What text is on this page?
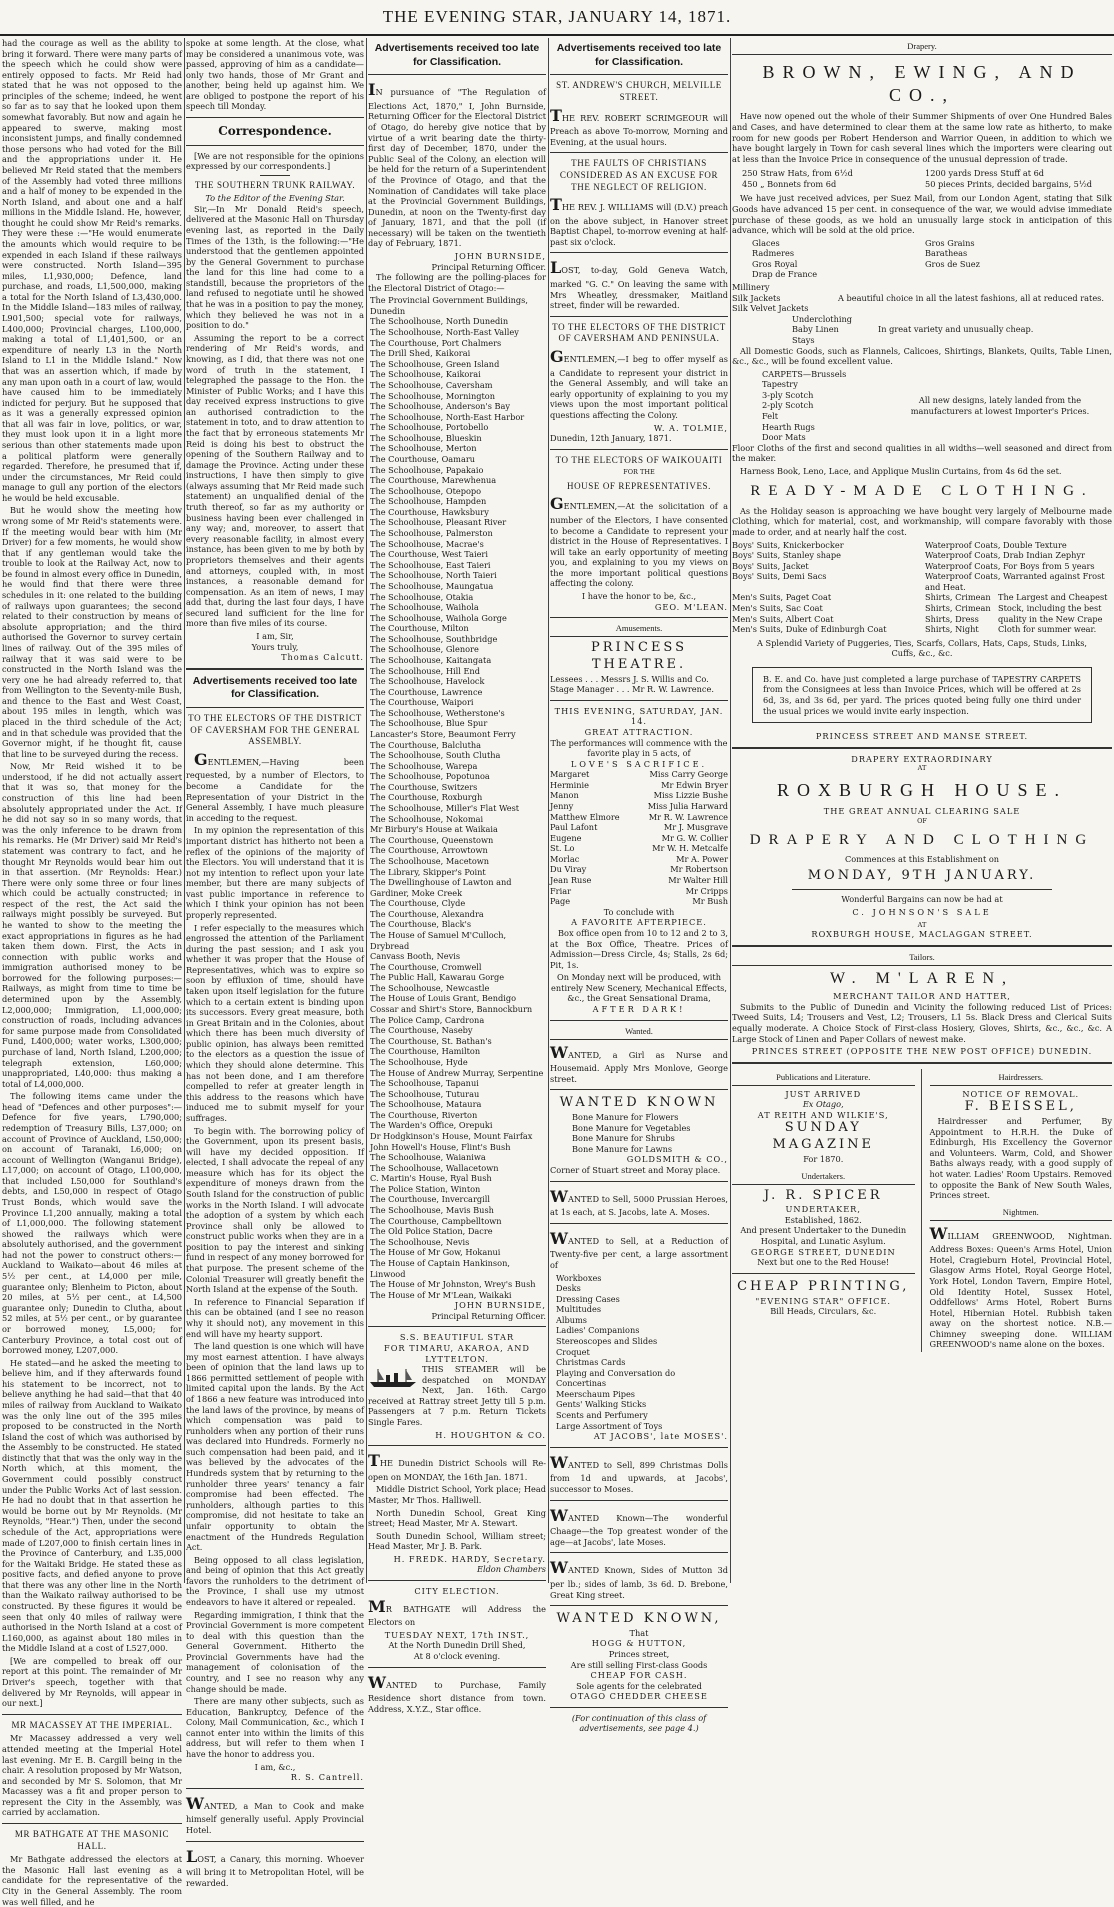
THE EVENING STAR, JANUARY 14, 1871.
had the courage as well as the ability to bring it forward. There were many parts of the speech which he could show were entirely opposed to facts. Mr Reid had stated that he was not opposed to the principles of the scheme; indeed, he went so far as to say that he looked upon them somewhat favorably. But now and again he appeared to swerve, making most inconsistent jumps, and finally condemned those persons who had voted for the Bill and the appropriations under it. He believed Mr Reid stated that the members of the Assembly had voted three millions and a half of money to be expended in the North Island, and about one and a half millions in the Middle Island. He, however, thought he could show Mr Reid's remarks. They were these :—"He would enumerate the amounts which would require to be expended in each Island if these railways were constructed. North Island—395 miles, L1,930,000; Defence, land purchase, and roads, L1,500,000, making a total for the North Island of L3,430,000. In the Middle Island—183 miles of railway, L901,500; special vote for railways, L400,000; Provincial charges, L100,000, making a total of L1,401,500, or an expenditure of nearly L3 in the North Island to L1 in the Middle Island." Now that was an assertion which, if made by any man upon oath in a court of law, would have caused him to be immediately indicted for perjury. But he supposed that as it was a generally expressed opinion that all was fair in love, politics, or war, they must look upon it in a light more serious than other statements made upon a political platform were generally regarded. Therefore, he presumed that if, under the circumstances, Mr Reid could manage to gull any portion of the electors he would be held excusable.
But he would show the meeting how wrong some of Mr Reid's statements were. If the meeting would bear with him (Mr Driver) for a few moments, he would show that if any gentleman would take the trouble to look at the Railway Act, now to be found in almost every office in Dunedin, he would find that there were three schedules in it: one related to the building of railways upon guarantees; the second related to their construction by means of absolute appropriation; and the third authorised the Governor to survey certain lines of railway. Out of the 395 miles of railway that it was said were to be constructed in the North Island was the very one he had already referred to, that from Wellington to the Seventy-mile Bush, and thence to the East and West Coast, about 195 miles in length, which was placed in the third schedule of the Act; and in that schedule was provided that the Governor might, if he thought fit, cause that line to be surveyed during the recess.
Now, Mr Reid wished it to be understood, if he did not actually assert that it was so, that money for the construction of this line had been absolutely appropriated under the Act. If he did not say so in so many words, that was the only inference to be drawn from his remarks. He (Mr Driver) said Mr Reid's statement was contrary to fact, and he thought Mr Reynolds would bear him out in that assertion. (Mr Reynolds: Hear.) There were only some three or four lines which could be actually constructed; in respect of the rest, the Act said the railways might possibly be surveyed. But he wanted to show to the meeting the exact appropriations in figures as he had taken them down. First, the Acts in connection with public works and immigration authorised money to be borrowed for the following purposes:—Railways, as might from time to time be determined upon by the Assembly, L2,000,000; Immigration, L1,000,000; construction of roads, including advances for same purpose made from Consolidated Fund, L400,000; water works, L300,000; purchase of land, North Island, L200,000; telegraph extension, L60,000; unappropriated, L40,000: thus making a total of L4,000,000.
The following items came under the head of "Defences and other purposes":—Defence for five years, L790,000; redemption of Treasury Bills, L37,000; on account of Province of Auckland, L50,000; on account of Taranaki, L6,000; on account of Wellington (Wanganui Bridge), L17,000; on account of Otago, L100,000, that included L50,000 for Southland's debts, and L50,000 in respect of Otago Trust Bonds, which would save the Province L1,200 annually, making a total of L1,000,000. The following statement showed the railways which were absolutely authorised, and the government had not the power to construct others:—Auckland to Waikato—about 46 miles at 5½ per cent., at L4,000 per mile, guarantee only; Blenheim to Picton, about 20 miles, at 5½ per cent., at L4,500 guarantee only; Dunedin to Clutha, about 52 miles, at 5½ per cent., or by guarantee or borrowed money, L5,000; for Canterbury Province, a total cost out of borrowed money, L207,000.
He stated—and he asked the meeting to believe him, and if they afterwards found his statement to be incorrect, not to believe anything he had said—that that 40 miles of railway from Auckland to Waikato was the only line out of the 395 miles proposed to be constructed in the North Island the cost of which was authorised by the Assembly to be constructed. He stated distinctly that that was the only way in the North which, at this moment, the Government could possibly construct under the Public Works Act of last session. He had no doubt that in that assertion he would be borne out by Mr Reynolds. (Mr Reynolds, "Hear.") Then, under the second schedule of the Act, appropriations were made of L207,000 to finish certain lines in the Province of Canterbury, and L35,000 for the Waitaki Bridge. He stated these as positive facts, and defied anyone to prove that there was any other line in the North than the Waikato railway authorised to be constructed. By these figures it would be seen that only 40 miles of railway were authorised in the North Island at a cost of L160,000, as against about 180 miles in the Middle Island at a cost of L527,000.
[We are compelled to break off our report at this point. The remainder of Mr Driver's speech, together with that delivered by Mr Reynolds, will appear in our next.]
MR MACASSEY AT THE IMPERIAL.
Mr Macassey addressed a very well attended meeting at the Imperial Hotel last evening. Mr E. B. Cargill being in the chair. A resolution proposed by Mr Watson, and seconded by Mr S. Solomon, that Mr Macassey was a fit and proper person to represent the City in the Assembly, was carried by acclamation.
MR BATHGATE AT THE MASONIC HALL.
Mr Bathgate addressed the electors at the Masonic Hall last evening as a candidate for the representative of the City in the General Assembly. The room was well filled, and he
spoke at some length. At the close, what may be considered a unanimous vote, was passed, approving of him as a candidate—only two hands, those of Mr Grant and another, being held up against him. We are obliged to postpone the report of his speech till Monday.
Correspondence.
[We are not responsible for the opinions expressed by our correspondents.]
THE SOUTHERN TRUNK RAILWAY.
To the Editor of the Evening Star.
Sir,—In Mr Donald Reid's speech, delivered at the Masonic Hall on Thursday evening last, as reported in the Daily Times of the 13th, is the following:—"He understood that the gentlemen appointed by the General Government to purchase the land for this line had come to a standstill, because the proprietors of the land refused to negotiate until he showed that he was in a position to pay the money, which they believed he was not in a position to do."
Assuming the report to be a correct rendering of Mr Reid's words, and knowing, as I did, that there was not one word of truth in the statement, I telegraphed the passage to the Hon. the Minister of Public Works; and I have this day received express instructions to give an authorised contradiction to the statement in toto, and to draw attention to the fact that by erroneous statements Mr Reid is doing his best to obstruct the opening of the Southern Railway and to damage the Province. Acting under these instructions, I have then simply to give (always assuming that Mr Reid made such statement) an unqualified denial of the truth thereof, so far as my authority or business having been ever challenged in any way; and, moreover, to assert that every reasonable facility, in almost every instance, has been given to me by both by proprietors themselves and their agents and attorneys, coupled with, in most instances, a reasonable demand for compensation. As an item of news, I may add that, during the last four days, I have secured land sufficient for the line for more than five miles of its course.
I am, Sir,
Yours truly,
Thomas Calcutt.
Advertisements received too late for Classification.
TO THE ELECTORS OF THE DISTRICT OF CAVERSHAM FOR THE GENERAL ASSEMBLY.
GENTLEMEN,—Having been requested, by a number of Electors, to become a Candidate for the Representation of your District in the General Assembly, I have much pleasure in acceding to the request.
In my opinion the representation of this important district has hitherto not been a reflex of the opinions of the majority of the Electors. You will understand that it is not my intention to reflect upon your late member, but there are many subjects of vast public importance in reference to which I think your opinion has not been properly represented.
I refer especially to the measures which engrossed the attention of the Parliament during the past session; and I ask you whether it was proper that the House of Representatives, which was to expire so soon by effluxion of time, should have taken upon itself legislation for the future which to a certain extent is binding upon its successors. Every great measure, both in Great Britain and in the Colonies, about which there has been much diversity of public opinion, has always been remitted to the electors as a question the issue of which they should alone determine. This has not been done, and I am therefore compelled to refer at greater length in this address to the reasons which have induced me to submit myself for your suffrages.
To begin with. The borrowing policy of the Government, upon its present basis, will have my decided opposition. If elected, I shall advocate the repeal of any measure which has for its object the expenditure of moneys drawn from the South Island for the construction of public works in the North Island. I will advocate the adoption of a system by which each Province shall only be allowed to construct public works when they are in a position to pay the interest and sinking fund in respect of any money borrowed for that purpose. The present scheme of the Colonial Treasurer will greatly benefit the North Island at the expense of the South.
In reference to Financial Separation if this can be obtained (and I see no reason why it should not), any movement in this end will have my hearty support.
The land question is one which will have my most earnest attention. I have always been of opinion that the land laws up to 1866 permitted settlement of people with limited capital upon the lands. By the Act of 1866 a new feature was introduced into the land laws of the province, by means of which compensation was paid to runholders when any portion of their runs was declared into Hundreds. Formerly no such compensation had been paid, and it was believed by the advocates of the Hundreds system that by returning to the runholder three years' tenancy a fair compromise had been effected. The runholders, although parties to this compromise, did not hesitate to take an unfair opportunity to obtain the enactment of the Hundreds Regulation Act.
Being opposed to all class legislation, and being of opinion that this Act greatly favors the runholders to the detriment of the Province, I shall use my utmost endeavors to have it altered or repealed.
Regarding immigration, I think that the Provincial Government is more competent to deal with this question than the General Government. Hitherto the Provincial Governments have had the management of colonisation of the country, and I see no reason why any change should be made.
There are many other subjects, such as Education, Bankruptcy, Defence of the Colony, Mail Communication, &c., which I cannot enter into within the limits of this address, but will refer to them when I have the honor to address you.
I am, &c.,
R. S. Cantrell.
WANTED, a Man to Cook and make himself generally useful. Apply Provincial Hotel.
LOST, a Canary, this morning. Whoever will bring it to Metropolitan Hotel, will be rewarded.
Advertisements received too late for Classification.
IN pursuance of "The Regulation of Elections Act, 1870," I, John Burnside, Returning Officer for the Electoral District of Otago, do hereby give notice that by virtue of a writ bearing date the thirty-first day of December, 1870, under the Public Seal of the Colony, an election will be held for the return of a Superintendent of the Province of Otago, and that the Nomination of Candidates will take place at the Provincial Government Buildings, Dunedin, at noon on the Twenty-first day of January, 1871, and that the poll (if necessary) will be taken on the twentieth day of February, 1871.
JOHN BURNSIDE,
Principal Returning Officer.
The following are the polling-places for the Electoral District of Otago:—
The Provincial Government Buildings, Dunedin
The Schoolhouse, North Dunedin
The Schoolhouse, North-East Valley
The Courthouse, Port Chalmers
The Drill Shed, Kaikorai
The Schoolhouse, Green Island
The Schoolhouse, Kaikorai
The Schoolhouse, Caversham
The Schoolhouse, Mornington
The Schoolhouse, Anderson's Bay
The Schoolhouse, North-East Harbor
The Schoolhouse, Portobello
The Schoolhouse, Blueskin
The Schoolhouse, Merton
The Courthouse, Oamaru
The Schoolhouse, Papakaio
The Courthouse, Marewhenua
The Schoolhouse, Otepopo
The Schoolhouse, Hampden
The Courthouse, Hawksbury
The Schoolhouse, Pleasant River
The Schoolhouse, Palmerston
The Schoolhouse, Macrae's
The Courthouse, West Taieri
The Schoolhouse, East Taieri
The Schoolhouse, North Taieri
The Schoolhouse, Maungatua
The Schoolhouse, Otakia
The Schoolhouse, Waihola
The Schoolhouse, Waihola Gorge
The Courthouse, Milton
The Schoolhouse, Southbridge
The Schoolhouse, Glenore
The Schoolhouse, Kaitangata
The Schoolhouse, Hill End
The Schoolhouse, Havelock
The Courthouse, Lawrence
The Courthouse, Waipori
The Schoolhouse, Wetherstone's
The Schoolhouse, Blue Spur
Lancaster's Store, Beaumont Ferry
The Courthouse, Balclutha
The Schoolhouse, South Clutha
The Schoolhouse, Warepa
The Schoolhouse, Popotunoa
The Courthouse, Switzers
The Courthouse, Roxburgh
The Schoolhouse, Miller's Flat West
The Schoolhouse, Nokomai
Mr Birbury's House at Waikaia
The Courthouse, Queenstown
The Courthouse, Arrowtown
The Schoolhouse, Macetown
The Library, Skipper's Point
The Dwellinghouse of Lawton and Gardiner, Moke Creek
The Courthouse, Clyde
The Courthouse, Alexandra
The Courthouse, Black's
The House of Samuel M'Culloch, Drybread
Canvass Booth, Nevis
The Courthouse, Cromwell
The Public Hall, Kawarau Gorge
The Schoolhouse, Newcastle
The House of Louis Grant, Bendigo
Cossar and Shirt's Store, Bannockburn
The Police Camp, Cardrona
The Courthouse, Naseby
The Courthouse, St. Bathan's
The Courthouse, Hamilton
The Schoolhouse, Hyde
The House of Andrew Murray, Serpentine
The Schoolhouse, Tapanui
The Schoolhouse, Tuturau
The Schoolhouse, Mataura
The Courthouse, Riverton
The Warden's Office, Orepuki
Dr Hodgkinson's House, Mount Fairfax
John Howell's House, Flint's Bush
The Schoolhouse, Waianiwa
The Schoolhouse, Wallacetown
C. Martin's House, Ryal Bush
The Police Station, Winton
The Courthouse, Invercargill
The Schoolhouse, Mavis Bush
The Courthouse, Campbelltown
The Old Police Station, Dacre
The Schoolhouse, Nevis
The House of Mr Gow, Hokanui
The House of Captain Hankinson, Linwood
The House of Mr Johnston, Wrey's Bush
The House of Mr M'Lean, Waikaki
JOHN BURNSIDE,
Principal Returning Officer.
S.S. BEAUTIFUL STAR
FOR TIMARU, AKAROA, AND LYTTELTON.
THIS STEAMER will be despatched on MONDAY Next, Jan. 16th. Cargo received at Rattray street Jetty till 5 p.m. Passengers at 7 p.m. Return Tickets Single Fares.
H. HOUGHTON & CO.
THE Dunedin District Schools will Re-open on MONDAY, the 16th Jan. 1871.
Middle District School, York place; Head Master, Mr Thos. Halliwell.
North Dunedin School, Great King street; Head Master, Mr A. Stewart.
South Dunedin School, William street; Head Master, Mr J. B. Park.
H. FREDK. HARDY, Secretary.
Eldon Chambers
CITY ELECTION.
MR BATHGATE will Address the Electors on
TUESDAY NEXT, 17th INST.,
At the North Dunedin Drill Shed,
At 8 o'clock evening.
WANTED to Purchase, Family Residence short distance from town. Address, X.Y.Z., Star office.
Advertisements received too late for Classification.
ST. ANDREW'S CHURCH, MELVILLE STREET.
THE REV. ROBERT SCRIMGEOUR will Preach as above To-morrow, Morning and Evening, at the usual hours.
THE FAULTS OF CHRISTIANS CONSIDERED AS AN EXCUSE FOR THE NEGLECT OF RELIGION.
THE REV. J. WILLIAMS will (D.V.) preach on the above subject, in Hanover street Baptist Chapel, to-morrow evening at half-past six o'clock.
LOST, to-day, Gold Geneva Watch, marked "G. C." On leaving the same with Mrs Wheatley, dressmaker, Maitland street, finder will be rewarded.
TO THE ELECTORS OF THE DISTRICT OF CAVERSHAM AND PENINSULA.
GENTLEMEN,—I beg to offer myself as a Candidate to represent your district in the General Assembly, and will take an early opportunity of explaining to you my views upon the most important political questions affecting the Colony.
W. A. TOLMIE,
Dunedin, 12th January, 1871.
TO THE ELECTORS OF WAIKOUAITI
FOR THE
HOUSE OF REPRESENTATIVES.
GENTLEMEN,—At the solicitation of a number of the Electors, I have consented to become a Candidate to represent your district in the House of Representatives. I will take an early opportunity of meeting you, and explaining to you my views on the more important political questions affecting the colony.
I have the honor to be, &c.,
GEO. M'LEAN.
Amusements.
PRINCESS THEATRE.
Lessees . . . Messrs J. S. Willis and Co.
Stage Manager . . . Mr R. W. Lawrence.
THIS EVENING, SATURDAY, JAN. 14.
GREAT ATTRACTION.
The performances will commence with the favorite play in 5 acts, of
LOVE'S SACRIFICE.
Margaret	Miss Carry George
Herminie	Mr Edwin Bryer
Manon	Miss Lizzie Bushe
Jenny	Miss Julia Harward
Matthew Elmore	Mr R. W. Lawrence
Paul Lafont	Mr J. Musgrave
Eugene	Mr G. W. Collier
St. Lo	Mr W. H. Metcalfe
Morlac	Mr A. Power
Du Viray	Mr Robertson
Jean Ruse	Mr Walter Hill
Friar	Mr Cripps
Page	Mr Bush
To conclude with
A FAVORITE AFTERPIECE.
Box office open from 10 to 12 and 2 to 3, at the Box Office, Theatre. Prices of Admission—Dress Circle, 4s; Stalls, 2s 6d; Pit, 1s.
On Monday next will be produced, with entirely New Scenery, Mechanical Effects, &c., the Great Sensational Drama,
AFTER DARK!
Wanted.
WANTED, a Girl as Nurse and Housemaid. Apply Mrs Monlove, George street.
WANTED KNOWN
Bone Manure for Flowers
Bone Manure for Vegetables
Bone Manure for Shrubs
Bone Manure for Lawns
GOLDSMITH & CO.,
Corner of Stuart street and Moray place.
WANTED to Sell, 5000 Prussian Heroes, at 1s each, at S. Jacobs, late A. Moses.
WANTED to Sell, at a Reduction of Twenty-five per cent, a large assortment of
Workboxes
Desks
Dressing Cases
Multitudes
Albums
Ladies' Companions
Stereoscopes and Slides
Croquet
Christmas Cards
Playing and Conversation do
Concertinas
Meerschaum Pipes
Gents' Walking Sticks
Scents and Perfumery
Large Assortment of Toys
AT JACOBS', late MOSES'.
WANTED to Sell, 899 Christmas Dolls from 1d and upwards, at Jacobs', successor to Moses.
WANTED Known—The wonderful Chaage—the Top greatest wonder of the age—at Jacobs', late Moses.
WANTED Known, Sides of Mutton 3d per lb.; sides of lamb, 3s 6d. D. Brebone, Great King street.
WANTED KNOWN,
That
HOGG & HUTTON,
Princes street,
Are still selling First-class Goods
CHEAP FOR CASH.
Sole agents for the celebrated
OTAGO CHEDDER CHEESE
(For continuation of this class of advertisements, see page 4.)
Drapery.
BROWN, EWING, AND CO.,
Have now opened out the whole of their Summer Shipments of over One Hundred Bales and Cases, and have determined to clear them at the same low rate as hitherto, to make room for new goods per Robert Henderson and Warrior Queen, in addition to which we have bought largely in Town for cash several lines which the importers were clearing out at less than the Invoice Price in consequence of the unusual depression of trade.
250 Straw Hats, from 6½d
450 „ Bonnets from 6d
1200 yards Dress Stuff at 6d
50 pieces Prints, decided bargains, 5½d
We have just received advices, per Suez Mail, from our London Agent, stating that Silk Goods have advanced 15 per cent. in consequence of the war, we would advise immediate purchase of these goods, as we hold an unusually large stock in anticipation of this advance, which will be sold at the old price.
Glaces
Radmeres
Gros Royal
Drap de France
Gros Grains
Baratheas
Gros de Suez
Millinery
Silk Jackets
Silk Velvet Jackets
A beautiful choice in all the latest fashions, all at reduced rates.
Underclothing
Baby Linen
Stays
In great variety and unusually cheap.
All Domestic Goods, such as Flannels, Calicoes, Shirtings, Blankets, Quilts, Table Linen, &c., &c., will be found excellent value.
CARPETS—Brussels
Tapestry
3-ply Scotch
2-ply Scotch
Felt
Hearth Rugs
Door Mats
All new designs, lately landed from the manufacturers at lowest Importer's Prices.
Floor Cloths of the first and second qualities in all widths—well seasoned and direct from the maker.
Harness Book, Leno, Lace, and Applique Muslin Curtains, from 4s 6d the set.
READY-MADE CLOTHING.
As the Holiday season is approaching we have bought very largely of Melbourne made Clothing, which for material, cost, and workmanship, will compare favorably with those made to order, and at nearly half the cost.
Boys' Suits, Knickerbocker
Boys' Suits, Stanley shape
Boys' Suits, Jacket
Boys' Suits, Demi Sacs
Waterproof Coats, Double Texture
Waterproof Coats, Drab Indian Zephyr
Waterproof Coats, For Boys from 5 years
Waterproof Coats, Warranted against Frost and Heat.
Men's Suits, Paget Coat
Men's Suits, Sac Coat
Men's Suits, Albert Coat
Men's Suits, Duke of Edinburgh Coat
Shirts, Crimean
Shirts, Crimean
Shirts, Dress
Shirts, Night
The Largest and Cheapest Stock, including the best quality in the New Crape Cloth for summer wear.
A Splendid Variety of Puggeries, Ties, Scarfs, Collars, Hats, Caps, Studs, Links, Cuffs, &c., &c.
B. E. and Co. have just completed a large purchase of TAPESTRY CARPETS from the Consignees at less than Invoice Prices, which will be offered at 2s 6d, 3s, and 3s 6d, per yard. The prices quoted being fully one third under the usual prices we would invite early inspection.
PRINCESS STREET AND MANSE STREET.
DRAPERY EXTRAORDINARY
AT
ROXBURGH HOUSE.
THE GREAT ANNUAL CLEARING SALE
OF
DRAPERY AND CLOTHING
Commences at this Establishment on
MONDAY, 9TH JANUARY.
Wonderful Bargains can now be had at
C. JOHNSON'S SALE
AT
ROXBURGH HOUSE, MACLAGGAN STREET.
Tailors.
W. M'LAREN,
MERCHANT TAILOR AND HATTER,
Submits to the Public of Dunedin and Vicinity the following reduced List of Prices: Tweed Suits, L4; Trousers and Vest, L2; Trousers, L1 5s. Black Dress and Clerical Suits equally moderate. A Choice Stock of First-class Hosiery, Gloves, Shirts, &c., &c., &c. A Large Stock of Linen and Paper Collars of newest make.
PRINCES STREET (OPPOSITE THE NEW POST OFFICE) DUNEDIN.
Publications and Literature.
JUST ARRIVED
Ex Otago,
AT REITH AND WILKIE'S,
SUNDAY MAGAZINE
For 1870.
Undertakers.
J. R. SPICER
UNDERTAKER,
Established, 1862.
And present Undertaker to the Dunedin Hospital, and Lunatic Asylum.
GEORGE STREET, DUNEDIN
Next but one to the Red House!
CHEAP PRINTING,
"EVENING STAR" OFFICE.
Bill Heads, Circulars, &c.
Hairdressers.
NOTICE OF REMOVAL.
F. BEISSEL,
Hairdresser and Perfumer, By Appointment to H.R.H. the Duke of Edinburgh, His Excellency the Governor and Volunteers. Warm, Cold, and Shower Baths always ready, with a good supply of hot water. Ladies' Room Upstairs. Removed to opposite the Bank of New South Wales, Princes street.
Nightmen.
WILLIAM GREENWOOD, Nightman. Address Boxes: Queen's Arms Hotel, Union Hotel, Cragieburn Hotel, Provincial Hotel, Glasgow Arms Hotel, Royal George Hotel, York Hotel, London Tavern, Empire Hotel, Old Identity Hotel, Sussex Hotel, Oddfellows' Arms Hotel, Robert Burns Hotel, Hibernian Hotel. Rubbish taken away on the shortest notice. N.B.—Chimney sweeping done. WILLIAM GREENWOOD's name alone on the boxes.
